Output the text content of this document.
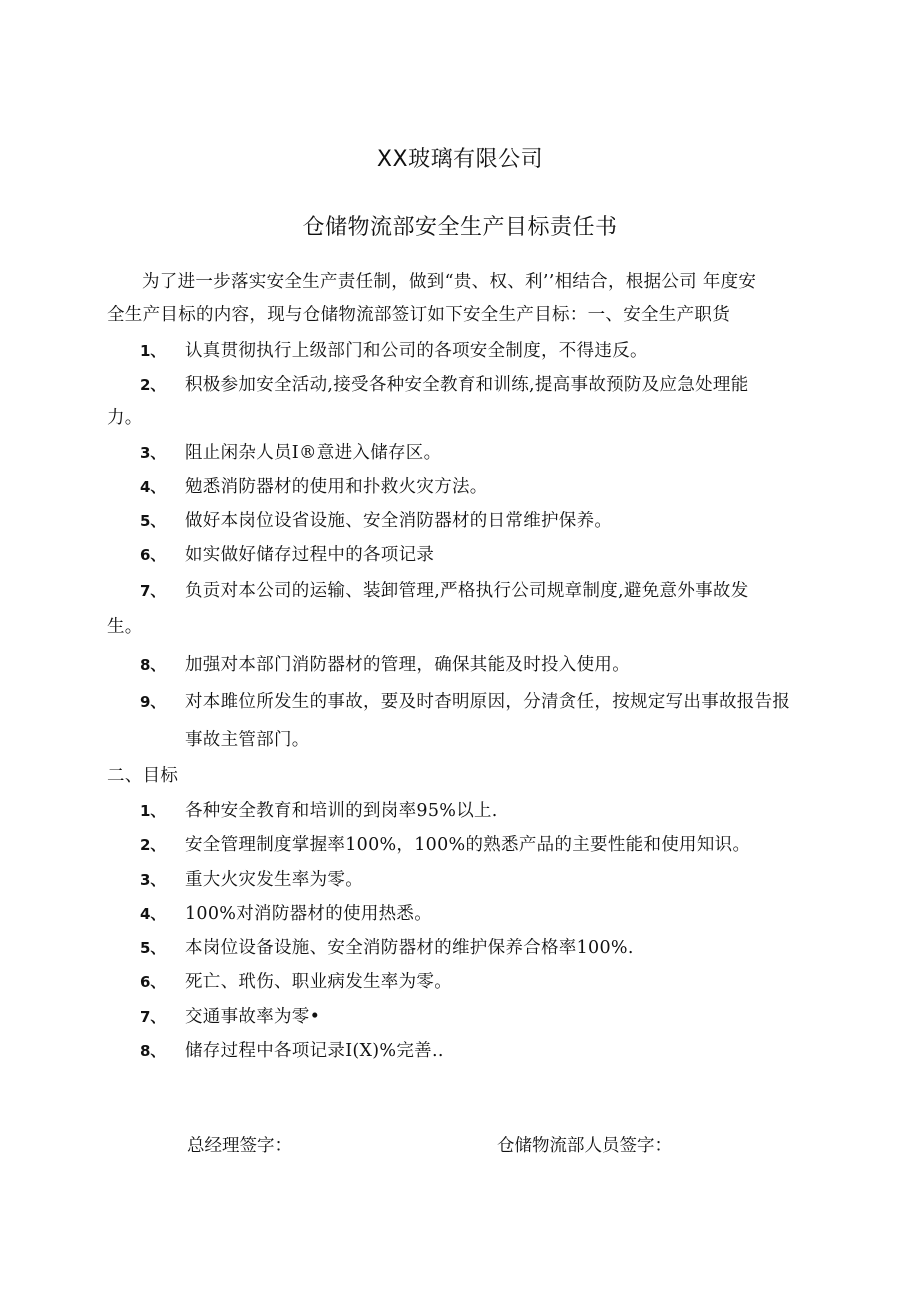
XX玻璃有限公司
仓储物流部安全生产目标责任书
为了进一步落实安全生产责任制，做到“贵、权、利’’相结合，根据公司 年度安
全生产目标的内容，现与仓储物流部签订如下安全生产目标：一、安全生产职货
1、 认真贯彻执行上级部门和公司的各项安全制度，不得违反。
2、 积极参加安全活动,接受各种安全教育和训练,提高事故预防及应急处理能
力。
3、 阻止闲杂人员I®意进入储存区。
4、 勉悉消防器材的使用和扑救火灾方法。
5、 做好本岗位设省设施、安全消防器材的日常维护保养。
6、 如实做好储存过程中的各项记录
7、 负贡对本公司的运输、装卸管理,严格执行公司规章制度,避免意外事故发
生。
8、 加强对本部门消防器材的管理，确保其能及时投入使用。
9、 对本雎位所发生的事故，要及时杳明原因，分清贪任，按规定写出事故报告报
事故主管部门。
二、目标
1、 各种安全教育和培训的到岗率95%以上.
2、 安全管理制度掌握率100%，100%的熟悉产品的主要性能和使用知识。
3、 重大火灾发生率为零。
4、 100%对消防器材的使用热悉。
5、 本岗位设备设施、安全消防器材的维护保养合格率100%.
6、 死亡、玳伤、职业病发生率为零。
7、 交通事故率为零•
8、 储存过程中各项记录I(X)%完善..
总经理签字：	仓储物流部人员签字：
